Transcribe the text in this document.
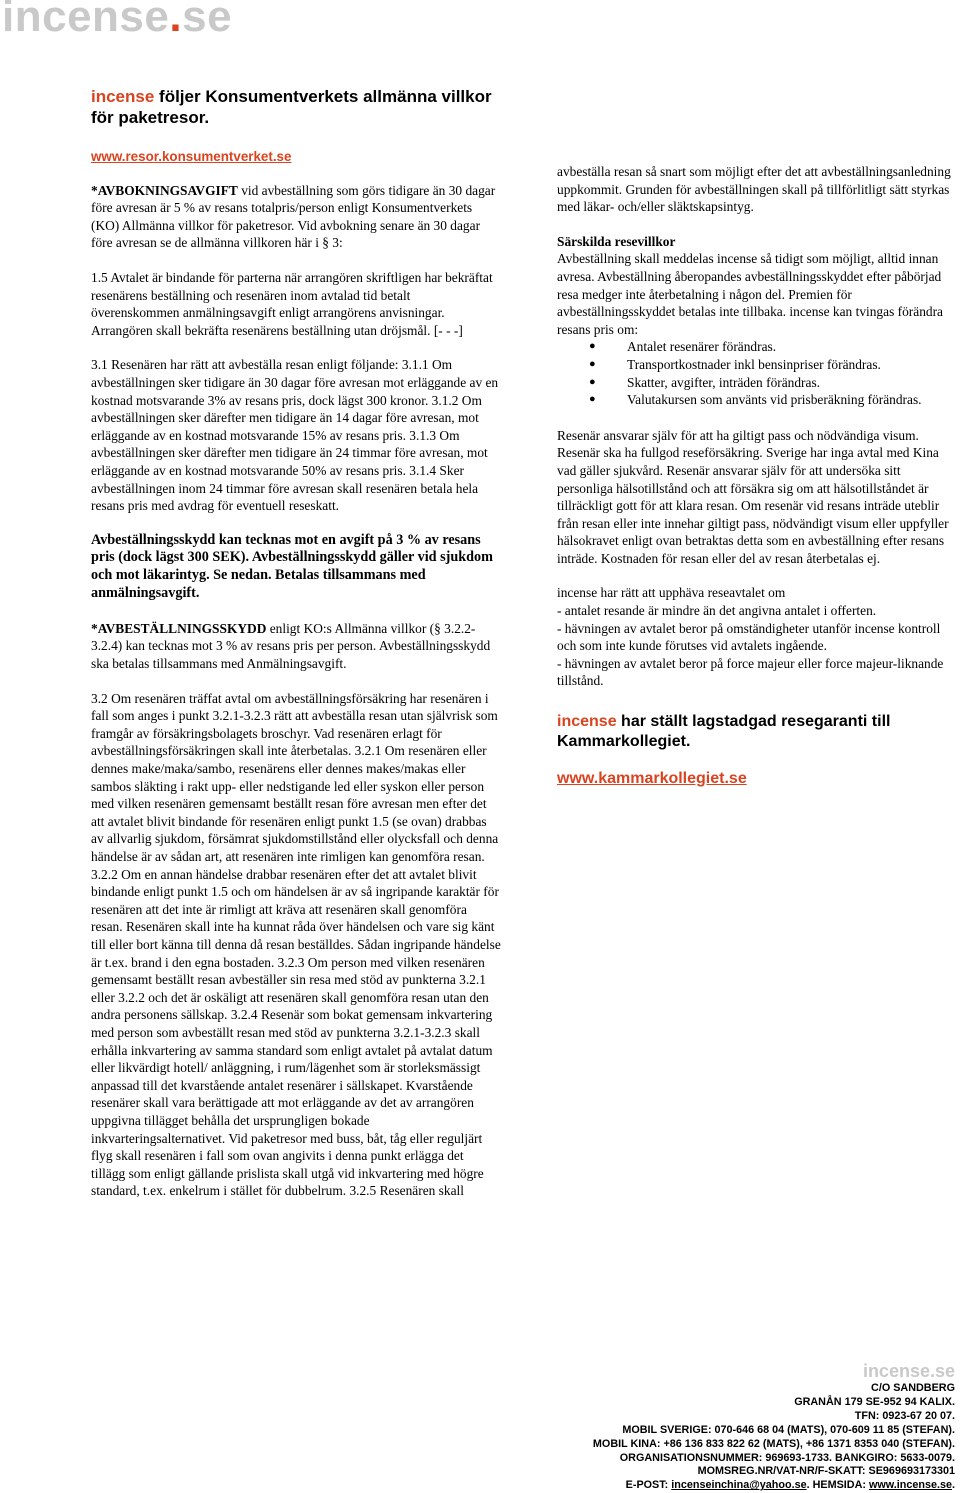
incense.se
incense följer Konsumentverkets allmänna villkor för paketresor.

www.resor.konsumentverket.se

*AVBOKNINGSAVGIFT vid avbeställning som görs tidigare än 30 dagar före avresan är 5 % av resans totalpris/person enligt Konsumentverkets (KO) Allmänna villkor för paketresor. Vid avbokning senare än 30 dagar före avresan se de allmänna villkoren här i § 3:

1.5 Avtalet är bindande för parterna när arrangören skriftligen har bekräftat resenärens beställning och resenären inom avtalad tid betalt överenskommen anmälningsavgift enligt arrangörens anvisningar. Arrangören skall bekräfta resenärens beställning utan dröjsmål. [- - -]

3.1 Resenären har rätt att avbeställa resan enligt följande: 3.1.1 Om avbeställningen sker tidigare än 30 dagar före avresan mot erläggande av en kostnad motsvarande 3% av resans pris, dock lägst 300 kronor. 3.1.2 Om avbeställningen sker därefter men tidigare än 14 dagar före avresan, mot erläggande av en kostnad motsvarande 15% av resans pris. 3.1.3 Om avbeställningen sker därefter men tidigare än 24 timmar före avresan, mot erläggande av en kostnad motsvarande 50% av resans pris. 3.1.4 Sker avbeställningen inom 24 timmar före avresan skall resenären betala hela resans pris med avdrag för eventuell reseskatt.

Avbeställningsskydd kan tecknas mot en avgift på 3 % av resans pris (dock lägst 300 SEK). Avbeställningsskydd gäller vid sjukdom och mot läkarintyg. Se nedan. Betalas tillsammans med anmälningsavgift.

*AVBESTÄLLNINGSSKYDD enligt KO:s Allmänna villkor (§ 3.2.2-3.2.4) kan tecknas mot 3 % av resans pris per person. Avbeställningsskydd ska betalas tillsammans med Anmälningsavgift.

3.2 Om resenären träffat avtal om avbeställningsförsäkring har resenären i fall som anges i punkt 3.2.1-3.2.3 rätt att avbeställa resan utan självrisk som framgår av försäkringsbolagets broschyr. Vad resenären erlagt för avbeställningsförsäkringen skall inte återbetalas. 3.2.1 Om resenären eller dennes make/maka/sambo, resenärens eller dennes makes/makas eller sambos släkting i rakt upp- eller nedstigande led eller syskon eller person med vilken resenären gemensamt beställt resan före avresan men efter det att avtalet blivit bindande för resenären enligt punkt 1.5 (se ovan) drabbas av allvarlig sjukdom, försämrat sjukdomstillstånd eller olycksfall och denna händelse är av sådan art, att resenären inte rimligen kan genomföra resan. 3.2.2 Om en annan händelse drabbar resenären efter det att avtalet blivit bindande enligt punkt 1.5 och om händelsen är av så ingripande karaktär för resenären att det inte är rimligt att kräva att resenären skall genomföra resan. Resenären skall inte ha kunnat råda över händelsen och vare sig känt till eller bort känna till denna då resan beställdes. Sådan ingripande händelse är t.ex. brand i den egna bostaden. 3.2.3 Om person med vilken resenären gemensamt beställt resan avbeställer sin resa med stöd av punkterna 3.2.1 eller 3.2.2 och det är oskäligt att resenären skall genomföra resan utan den andra personens sällskap. 3.2.4 Resenär som bokat gemensam inkvartering med person som avbeställt resan med stöd av punkterna 3.2.1-3.2.3 skall erhålla inkvartering av samma standard som enligt avtalet på avtalat datum eller likvärdigt hotell/ anläggning, i rum/lägenhet som är storleksmässigt anpassad till det kvarstående antalet resenärer i sällskapet. Kvarstående resenärer skall vara berättigade att mot erläggande av det av arrangören uppgivna tillägget behålla det ursprungligen bokade inkvarteringsalternativet. Vid paketresor med buss, båt, tåg eller reguljärt flyg skall resenären i fall som ovan angivits i denna punkt erlägga det tillägg som enligt gällande prislista skall utgå vid inkvartering med högre standard, t.ex. enkelrum i stället för dubbelrum. 3.2.5 Resenären skall

avbeställa resan så snart som möjligt efter det att avbeställningsanledning uppkommit. Grunden för avbeställningen skall på tillförlitligt sätt styrkas med läkar- och/eller släktskapsintyg.

Särskilda resevillkor
Avbeställning skall meddelas incense så tidigt som möjligt, alltid innan avresa. Avbeställning åberopandes avbeställningsskyddet efter påbörjad resa medger inte återbetalning i någon del. Premien för avbeställningsskyddet betalas inte tillbaka. incense kan tvingas förändra resans pris om:
● Antalet resenärer förändras.
● Transportkostnader inkl bensinpriser förändras.
● Skatter, avgifter, inträden förändras.
● Valutakursen som använts vid prisberäkning förändras.

Resenär ansvarar själv för att ha giltigt pass och nödvändiga visum. Resenär ska ha fullgod reseförsäkring. Sverige har inga avtal med Kina vad gäller sjukvård. Resenär ansvarar själv för att undersöka sitt personliga hälsotillstånd och att försäkra sig om att hälsotillståndet är tillräckligt gott för att klara resan. Om resenär vid resans inträde uteblir från resan eller inte innehar giltigt pass, nödvändigt visum eller uppfyller hälsokravet enligt ovan betraktas detta som en avbeställning efter resans inträde. Kostnaden för resan eller del av resan återbetalas ej.

incense har rätt att upphäva reseavtalet om
- antalet resande är mindre än det angivna antalet i offerten.
- hävningen av avtalet beror på omständigheter utanför incense kontroll och som inte kunde förutses vid avtalets ingående.
- hävningen av avtalet beror på force majeur eller force majeur-liknande tillstånd.

incense har ställt lagstadgad resegaranti till Kammarkollegiet.
www.kammarkollegiet.se
incense.se
C/O SANDBERG
GRANÅN 179 SE-952 94 KALIX.
TFN: 0923-67 20 07.
MOBIL SVERIGE: 070-646 68 04 (MATS), 070-609 11 85 (STEFAN).
MOBIL KINA: +86 136 833 822 62 (MATS), +86 1371 8353 040 (STEFAN).
ORGANISATIONSNUMMER: 969693-1733. BANKGIRO: 5633-0079.
MOMSREG.NR/VAT-NR/F-SKATT: SE969693173301
E-POST: incenseinchina@yahoo.se. HEMSIDA: www.incense.se.
